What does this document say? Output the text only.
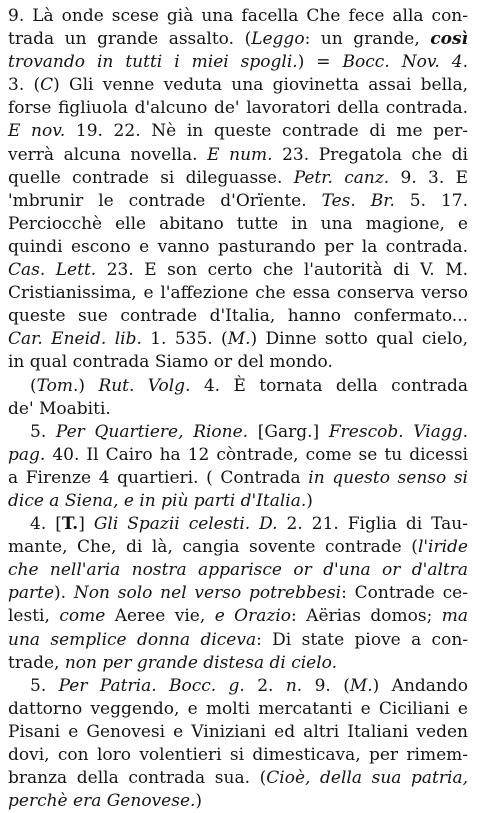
9. Là onde scese già una facella Che fece alla con-
trada un grande assalto. (Leggo: un grande, così
trovando in tutti i miei spogli.) = Bocc. Nov. 4.
3. (C) Gli venne veduta una giovinetta assai bella,
forse figliuola d'alcuno de' lavoratori della contrada.
E nov. 19. 22. Nè in queste contrade di me per-
verrà alcuna novella. E num. 23. Pregatola che di
quelle contrade si dileguasse. Petr. canz. 9. 3. E
'mbrunir le contrade d'Orïente. Tes. Br. 5. 17.
Perciocchè elle abitano tutte in una magione, e
quindi escono e vanno pasturando per la contrada.
Cas. Lett. 23. E son certo che l'autorità di V. M.
Cristianissima, e l'affezione che essa conserva verso
queste sue contrade d'Italia, hanno confermato...
Car. Eneid. lib. 1. 535. (M.) Dinne sotto qual cielo,
in qual contrada Siamo or del mondo.
(Tom.) Rut. Volg. 4. È tornata della contrada
de' Moabiti.
5. Per Quartiere, Rione. [Garg.] Frescob. Viagg.
pag. 40. Il Cairo ha 12 còntrade, come se tu dicessi
a Firenze 4 quartieri. ( Contrada in questo senso si
dice a Siena, e in più parti d'Italia.)
4. [T.] Gli Spazii celesti. D. 2. 21. Figlia di Tau-
mante, Che, di là, cangia sovente contrade (l'iride
che nell'aria nostra apparisce or d'una or d'altra
parte). Non solo nel verso potrebbesi: Contrade ce-
lesti, come Aeree vie, e Orazio: Aërias domos; ma
una semplice donna diceva: Di state piove a con-
trade, non per grande distesa di cielo.
5. Per Patria. Bocc. g. 2. n. 9. (M.) Andando
dattorno veggendo, e molti mercatanti e Ciciliani e
Pisani e Genovesi e Viniziani ed altri Italiani veden
dovi, con loro volentieri si dimesticava, per rimem-
branza della contrada sua. (Cioè, della sua patria,
perchè era Genovese.)
